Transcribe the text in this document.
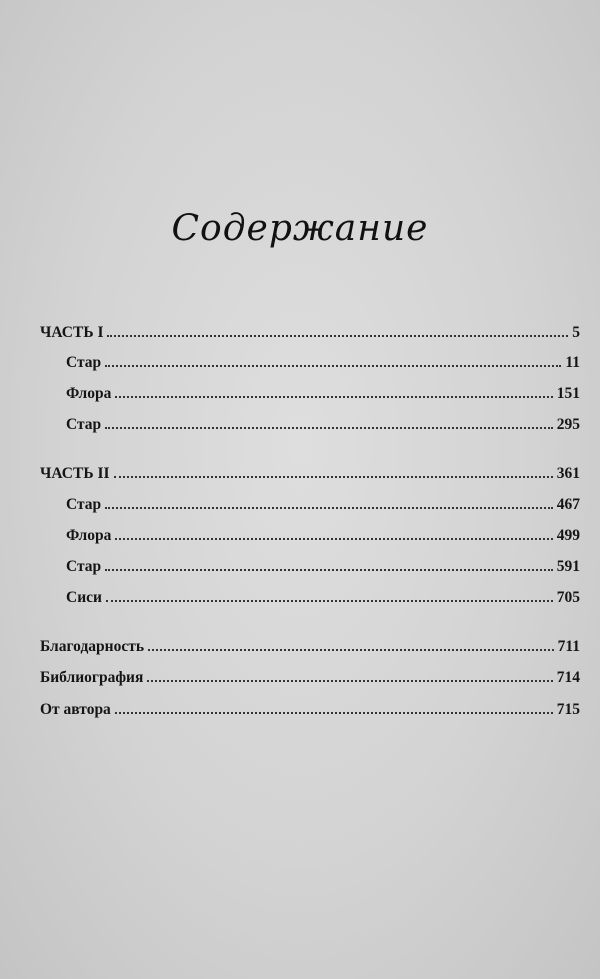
Содержание
ЧАСТЬ I	5
Стар	11
Флора	151
Стар	295
ЧАСТЬ II	361
Стар	467
Флора	499
Стар	591
Сиси	705
Благодарность	711
Библиография	714
От автора	715
